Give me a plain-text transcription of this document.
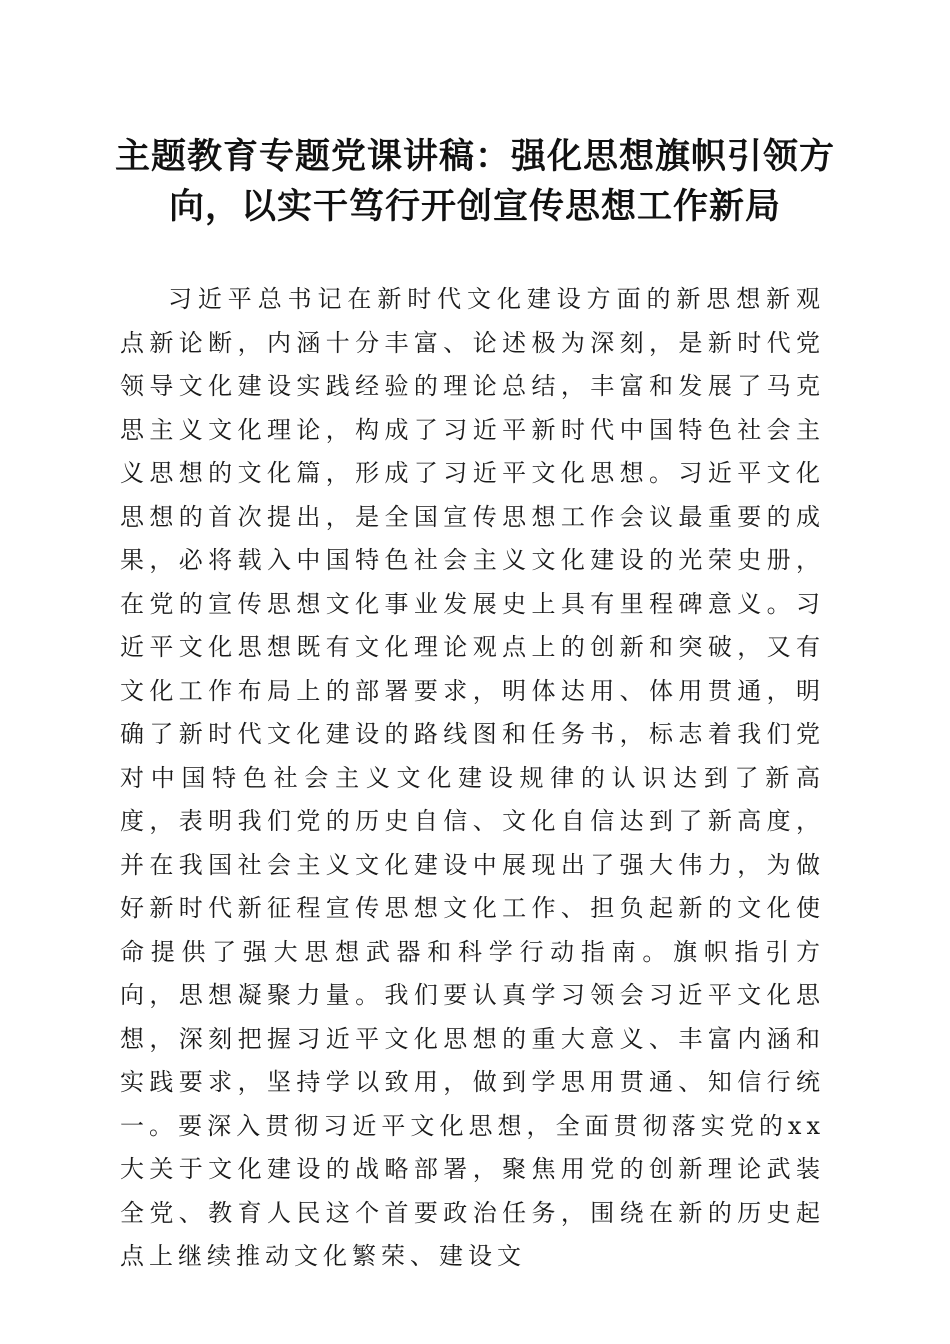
主题教育专题党课讲稿：强化思想旗帜引领方向，以实干笃行开创宣传思想工作新局

习近平总书记在新时代文化建设方面的新思想新观点新论断，内涵十分丰富、论述极为深刻，是新时代党领导文化建设实践经验的理论总结，丰富和发展了马克思主义文化理论，构成了习近平新时代中国特色社会主义思想的文化篇，形成了习近平文化思想。习近平文化思想的首次提出，是全国宣传思想工作会议最重要的成果，必将载入中国特色社会主义文化建设的光荣史册，在党的宣传思想文化事业发展史上具有里程碑意义。习近平文化思想既有文化理论观点上的创新和突破，又有文化工作布局上的部署要求，明体达用、体用贯通，明确了新时代文化建设的路线图和任务书，标志着我们党对中国特色社会主义文化建设规律的认识达到了新高度，表明我们党的历史自信、文化自信达到了新高度，并在我国社会主义文化建设中展现出了强大伟力，为做好新时代新征程宣传思想文化工作、担负起新的文化使命提供了强大思想武器和科学行动指南。旗帜指引方向，思想凝聚力量。我们要认真学习领会习近平文化思想，深刻把握习近平文化思想的重大意义、丰富内涵和实践要求，坚持学以致用，做到学思用贯通、知信行统一。要深入贯彻习近平文化思想，全面贯彻落实党的xx大关于文化建设的战略部署，聚焦用党的创新理论武装全党、教育人民这个首要政治任务，围绕在新的历史起点上继续推动文化繁荣、建设文
